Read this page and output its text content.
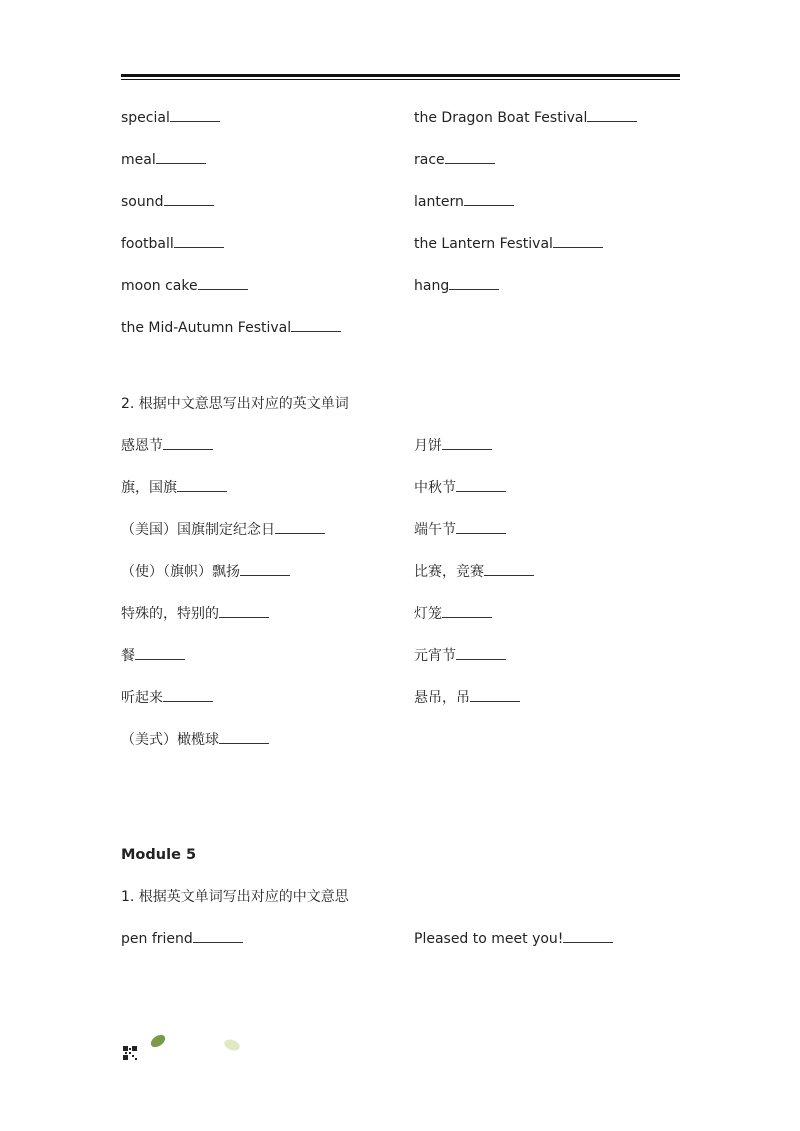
special
meal
sound
football
moon cake
the Mid-Autumn Festival
the Dragon Boat Festival
race
lantern
the Lantern Festival
hang
2. 根据中文意思写出对应的英文单词
感恩节
旗，国旗
（美国）国旗制定纪念日
（使）（旗帜）飘扬
特殊的，特别的
餐
听起来
（美式）橄榄球
月饼
中秋节
端午节
比赛，竞赛
灯笼
元宵节
悬吊，吊
Module 5
1. 根据英文单词写出对应的中文意思
pen friend	Pleased to meet you!
